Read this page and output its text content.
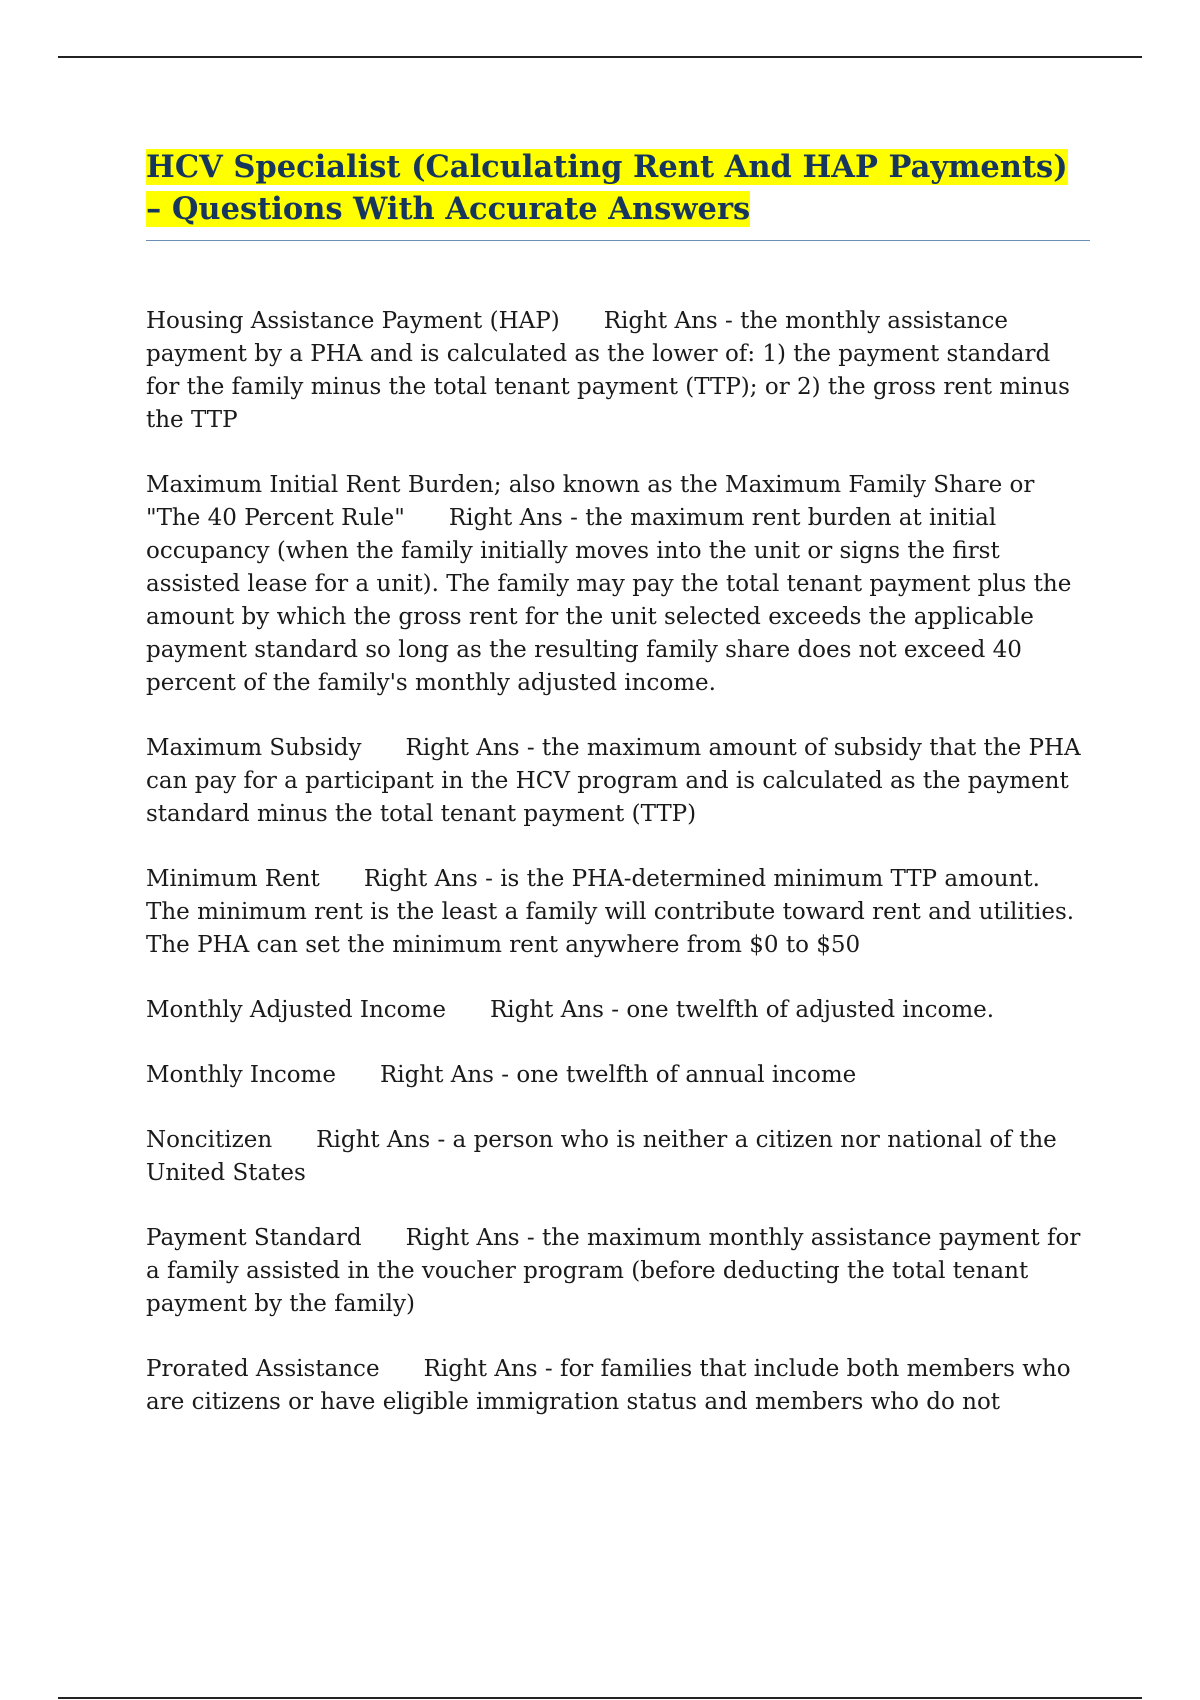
HCV Specialist (Calculating Rent And HAP Payments) – Questions With Accurate Answers

Housing Assistance Payment (HAP) Right Ans - the monthly assistance payment by a PHA and is calculated as the lower of: 1) the payment standard for the family minus the total tenant payment (TTP); or 2) the gross rent minus the TTP

Maximum Initial Rent Burden; also known as the Maximum Family Share or "The 40 Percent Rule" Right Ans - the maximum rent burden at initial occupancy (when the family initially moves into the unit or signs the first assisted lease for a unit). The family may pay the total tenant payment plus the amount by which the gross rent for the unit selected exceeds the applicable payment standard so long as the resulting family share does not exceed 40 percent of the family's monthly adjusted income.

Maximum Subsidy Right Ans - the maximum amount of subsidy that the PHA can pay for a participant in the HCV program and is calculated as the payment standard minus the total tenant payment (TTP)

Minimum Rent Right Ans - is the PHA-determined minimum TTP amount. The minimum rent is the least a family will contribute toward rent and utilities. The PHA can set the minimum rent anywhere from $0 to $50

Monthly Adjusted Income Right Ans - one twelfth of adjusted income.

Monthly Income Right Ans - one twelfth of annual income

Noncitizen Right Ans - a person who is neither a citizen nor national of the United States

Payment Standard Right Ans - the maximum monthly assistance payment for a family assisted in the voucher program (before deducting the total tenant payment by the family)

Prorated Assistance Right Ans - for families that include both members who are citizens or have eligible immigration status and members who do not
